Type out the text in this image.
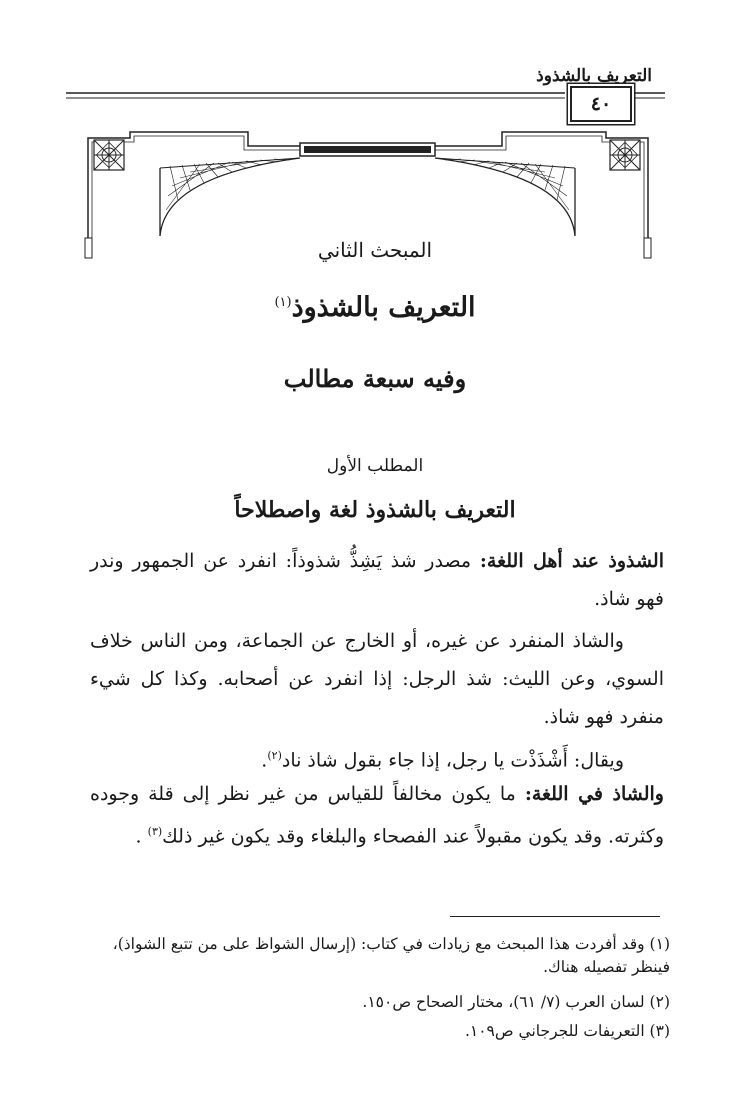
التعريف بالشذوذ
٤٠
المبحث الثاني
التعريف بالشذوذ$^{(١)}$
وفيه سبعة مطالب
المطلب الأول
التعريف بالشذوذ لغة واصطلاحاً
الشذوذ عند أهل اللغة: مصدر شذ يَشِذُّ شذوذاً: انفرد عن الجمهور وندر فهو شاذ.
والشاذ المنفرد عن غيره، أو الخارج عن الجماعة، ومن الناس خلاف السوي، وعن الليث: شذ الرجل: إذا انفرد عن أصحابه. وكذا كل شيء منفرد فهو شاذ.
ويقال: أَشْذَذْت يا رجل، إذا جاء بقول شاذ ناد$^{(٢)}$.
والشاذ في اللغة: ما يكون مخالفاً للقياس من غير نظر إلى قلة وجوده وكثرته. وقد يكون مقبولاً عند الفصحاء والبلغاء وقد يكون غير ذلك$^{(٣)}$ .
(١) وقد أفردت هذا المبحث مع زيادات في كتاب: (إرسال الشواظ على من تتبع الشواذ)، فينظر تفصيله هناك.
(٢) لسان العرب (٧/ ٦١)، مختار الصحاح ص١٥٠.
(٣) التعريفات للجرجاني ص١٠٩.
